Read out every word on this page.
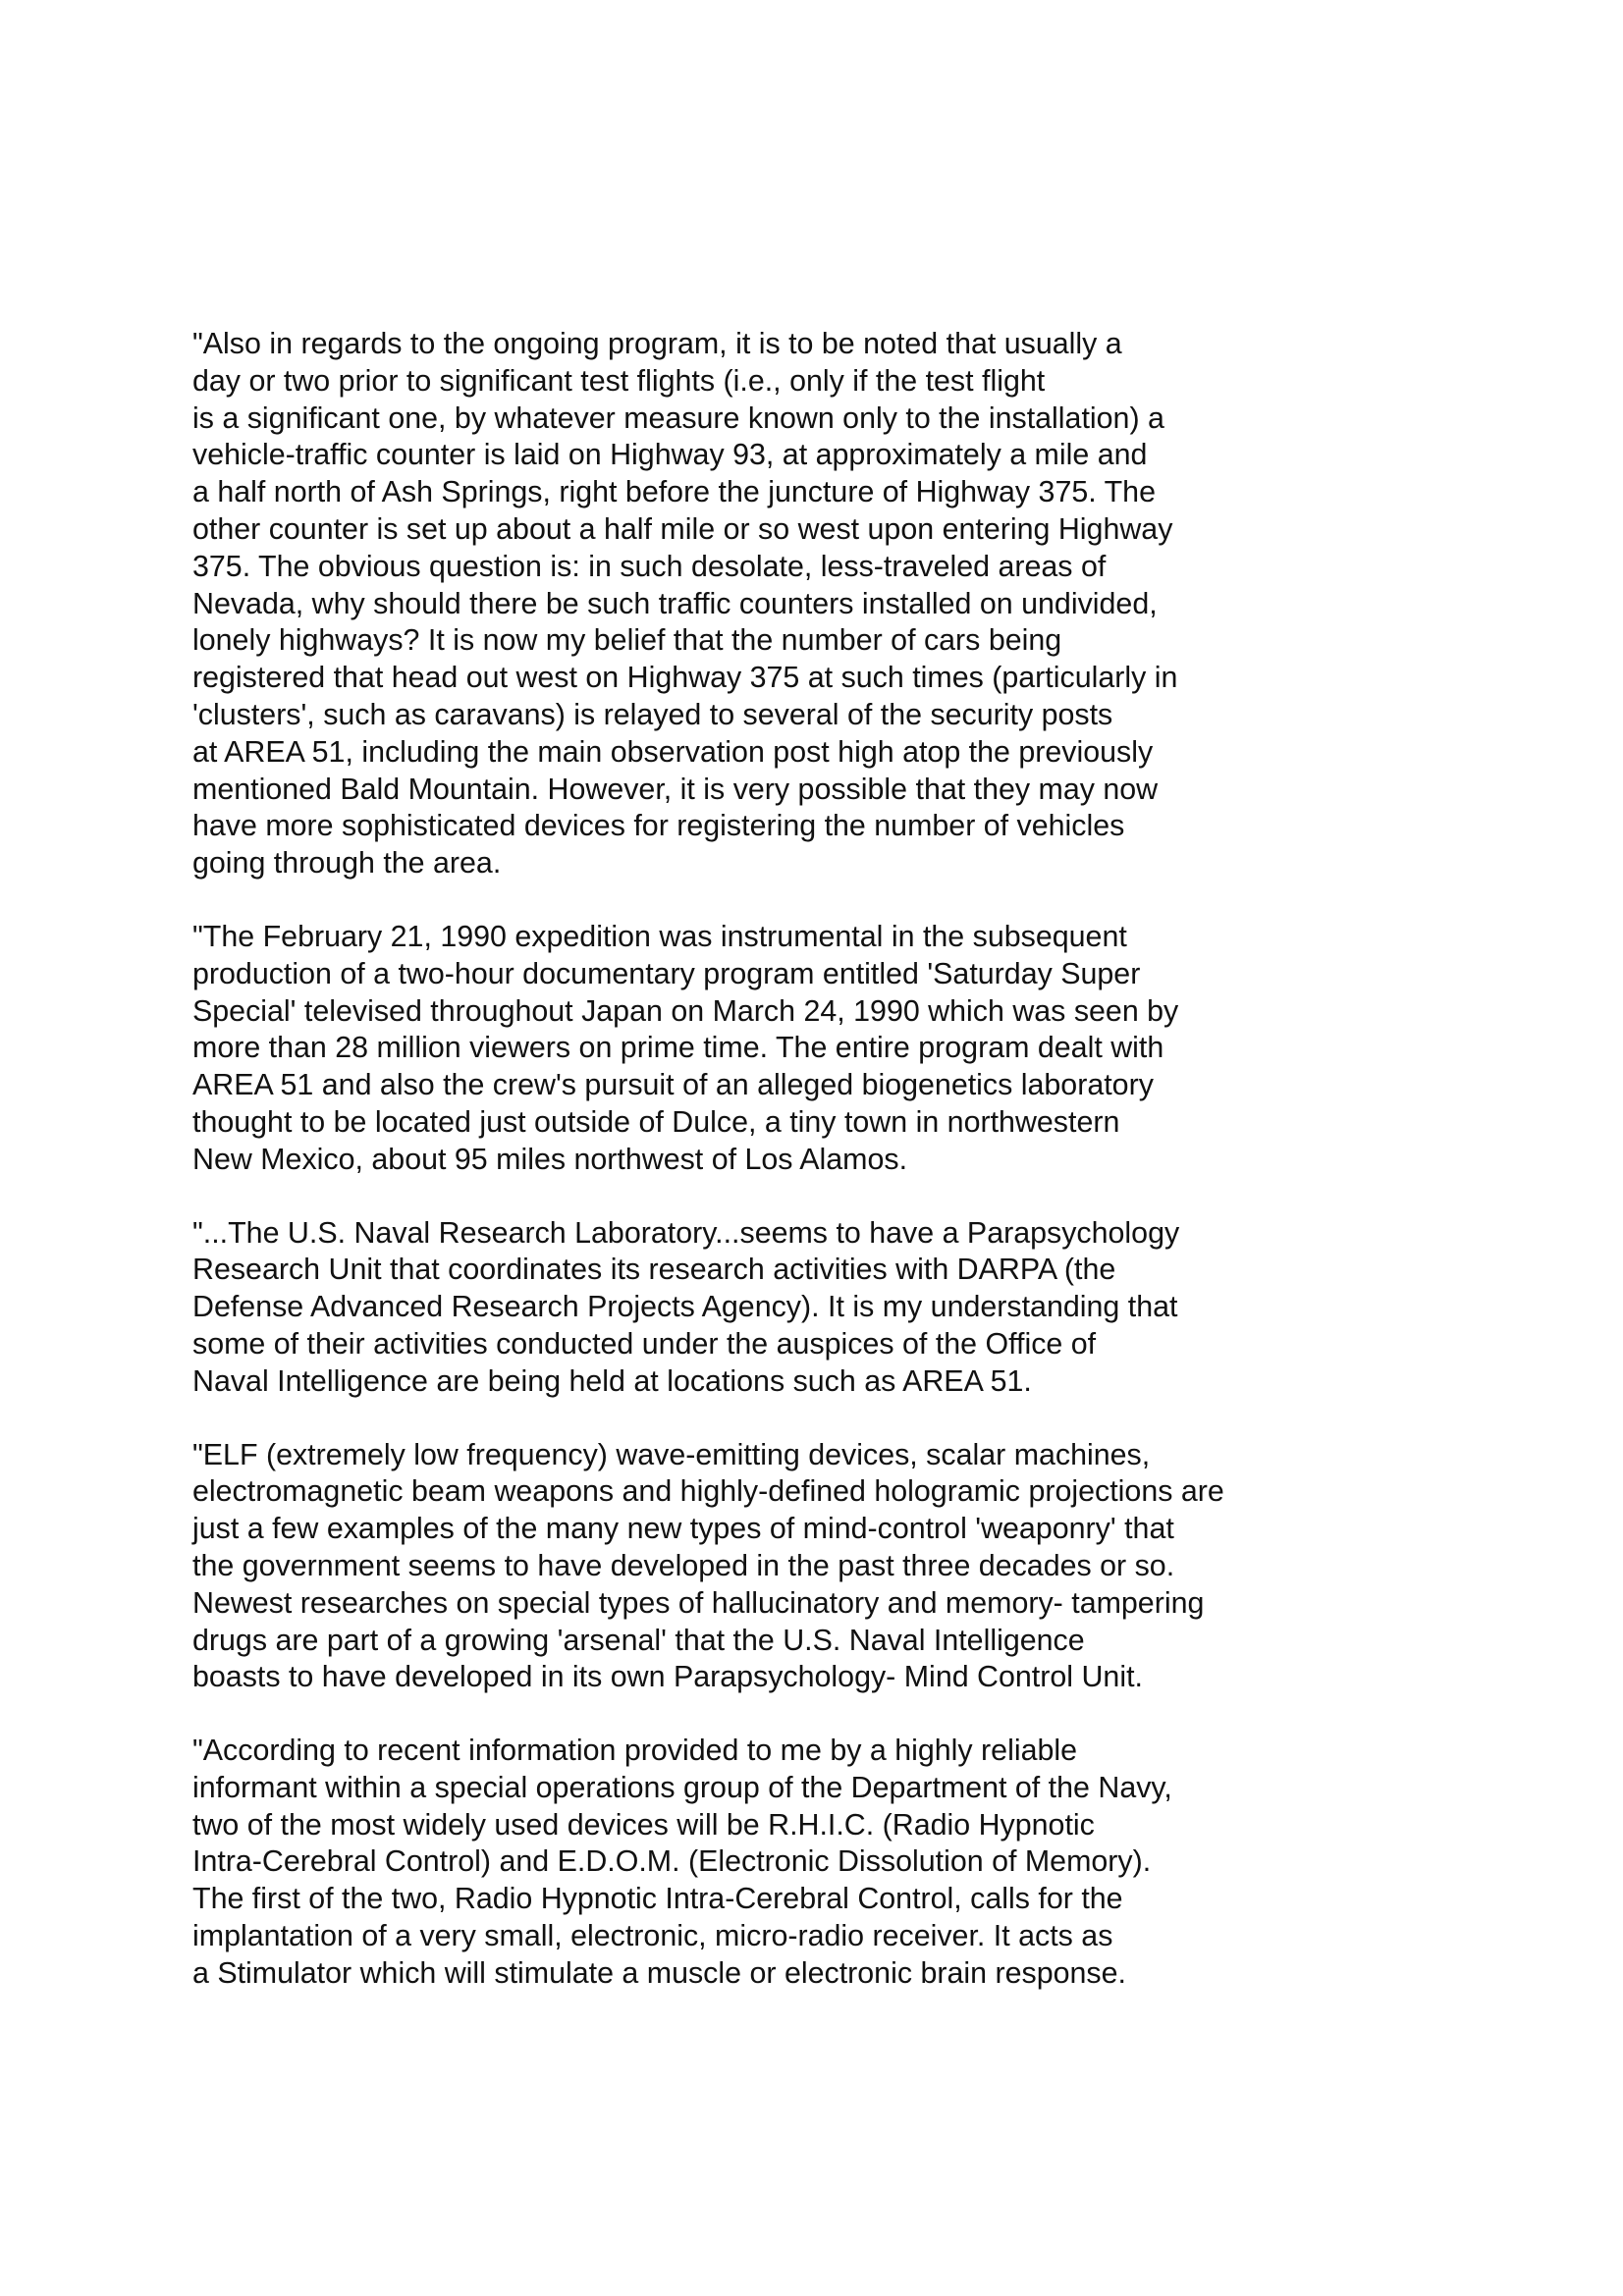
"Also in regards to the ongoing program, it is to be noted that usually a
day or two prior to significant test flights (i.e., only if the test flight
is a significant one, by whatever measure known only to the installation) a
vehicle-traffic counter is laid on Highway 93, at approximately a mile and
a half north of Ash Springs, right before the juncture of Highway 375. The
other counter is set up about a half mile or so west upon entering Highway
375. The obvious question is: in such desolate, less-traveled areas of
Nevada, why should there be such traffic counters installed on undivided,
lonely highways? It is now my belief that the number of cars being
registered that head out west on Highway 375 at such times (particularly in
'clusters', such as caravans) is relayed to several of the security posts
at AREA 51, including the main observation post high atop the previously
mentioned Bald Mountain. However, it is very possible that they may now
have more sophisticated devices for registering the number of vehicles
going through the area.
"The February 21, 1990 expedition was instrumental in the subsequent
production of a two-hour documentary program entitled 'Saturday Super
Special' televised throughout Japan on March 24, 1990 which was seen by
more than 28 million viewers on prime time. The entire program dealt with
AREA 51 and also the crew's pursuit of an alleged biogenetics laboratory
thought to be located just outside of Dulce, a tiny town in northwestern
New Mexico, about 95 miles northwest of Los Alamos.
"...The U.S. Naval Research Laboratory...seems to have a Parapsychology
Research Unit that coordinates its research activities with DARPA (the
Defense Advanced Research Projects Agency). It is my understanding that
some of their activities conducted under the auspices of the Office of
Naval Intelligence are being held at locations such as AREA 51.
"ELF (extremely low frequency) wave-emitting devices, scalar machines,
electromagnetic beam weapons and highly-defined hologramic projections are
just a few examples of the many new types of mind-control 'weaponry' that
the government seems to have developed in the past three decades or so.
Newest researches on special types of hallucinatory and memory- tampering
drugs are part of a growing 'arsenal' that the U.S. Naval Intelligence
boasts to have developed in its own Parapsychology- Mind Control Unit.
"According to recent information provided to me by a highly reliable
informant within a special operations group of the Department of the Navy,
two of the most widely used devices will be R.H.I.C. (Radio Hypnotic
Intra-Cerebral Control) and E.D.O.M. (Electronic Dissolution of Memory).
The first of the two, Radio Hypnotic Intra-Cerebral Control, calls for the
implantation of a very small, electronic, micro-radio receiver. It acts as
a Stimulator which will stimulate a muscle or electronic brain response.
